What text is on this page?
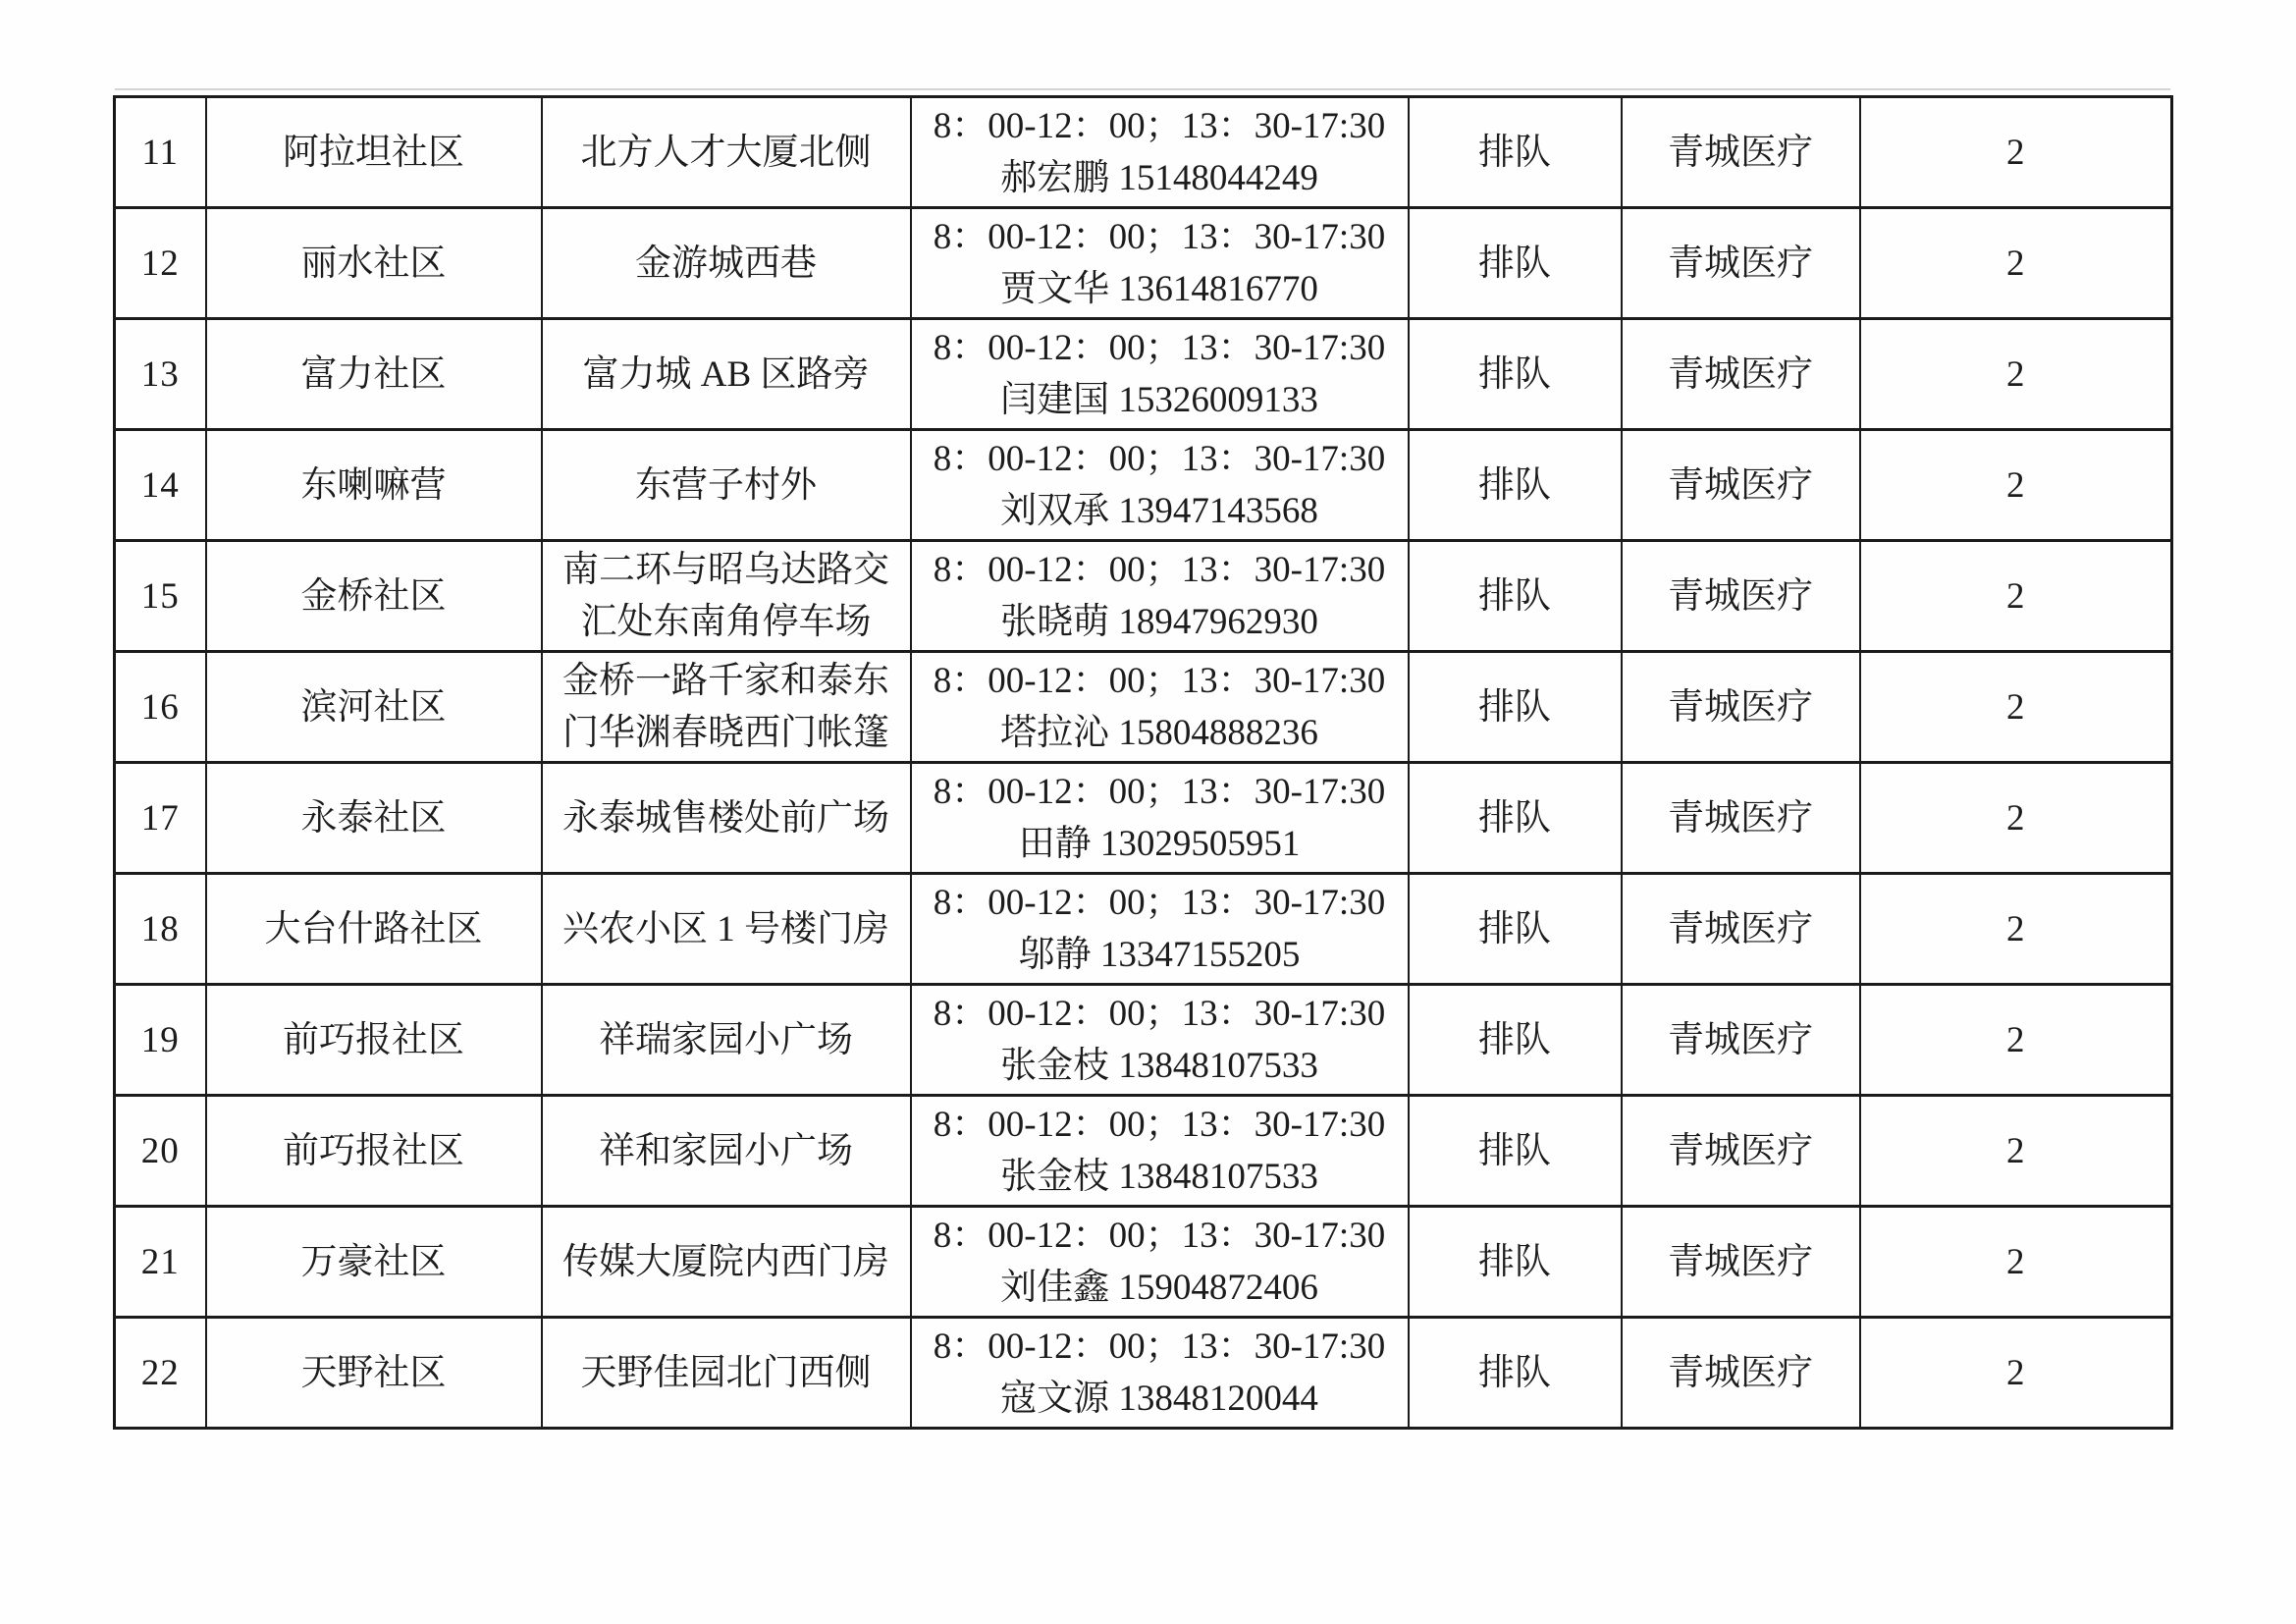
11	阿拉坦社区	北方人才大厦北侧	8：00-12：00；13：30-17:30
郝宏鹏 15148044249	排队	青城医疗	2
12	丽水社区	金游城西巷	8：00-12：00；13：30-17:30
贾文华 13614816770	排队	青城医疗	2
13	富力社区	富力城 AB 区路旁	8：00-12：00；13：30-17:30
闫建国 15326009133	排队	青城医疗	2
14	东喇嘛营	东营子村外	8：00-12：00；13：30-17:30
刘双承 13947143568	排队	青城医疗	2
15	金桥社区	南二环与昭乌达路交汇处东南角停车场	8：00-12：00；13：30-17:30
张晓萌 18947962930	排队	青城医疗	2
16	滨河社区	金桥一路千家和泰东门华渊春晓西门帐篷	8：00-12：00；13：30-17:30
塔拉沁 15804888236	排队	青城医疗	2
17	永泰社区	永泰城售楼处前广场	8：00-12：00；13：30-17:30
田静 13029505951	排队	青城医疗	2
18	大台什路社区	兴农小区 1 号楼门房	8：00-12：00；13：30-17:30
邬静 13347155205	排队	青城医疗	2
19	前巧报社区	祥瑞家园小广场	8：00-12：00；13：30-17:30
张金枝 13848107533	排队	青城医疗	2
20	前巧报社区	祥和家园小广场	8：00-12：00；13：30-17:30
张金枝 13848107533	排队	青城医疗	2
21	万豪社区	传媒大厦院内西门房	8：00-12：00；13：30-17:30
刘佳鑫 15904872406	排队	青城医疗	2
22	天野社区	天野佳园北门西侧	8：00-12：00；13：30-17:30
寇文源 13848120044	排队	青城医疗	2
